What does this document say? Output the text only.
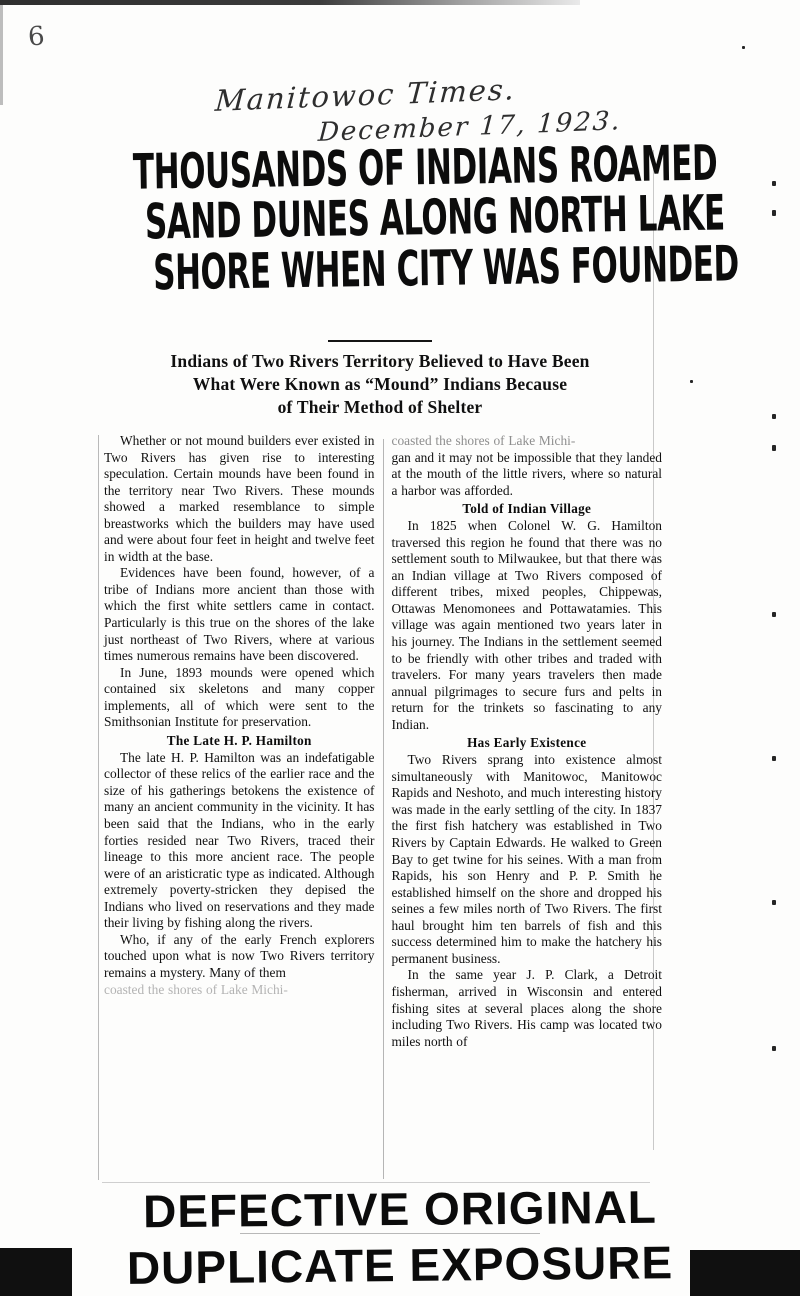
6
Manitowoc Times.
December 17, 1923.
THOUSANDS OF INDIANS ROAMED
SAND DUNES ALONG NORTH LAKE
SHORE WHEN CITY WAS FOUNDED
Indians of Two Rivers Territory Believed to Have Been
What Were Known as “Mound” Indians Because
of Their Method of Shelter

Whether or not mound builders ever existed in Two Rivers has given rise to interesting speculation. Certain mounds have been found in the territory near Two Rivers. These mounds showed a marked resemblance to simple breastworks which the builders may have used and were about four feet in height and twelve feet in width at the base.

Evidences have been found, however, of a tribe of Indians more ancient than those with which the first white settlers came in contact. Particularly is this true on the shores of the lake just northeast of Two Rivers, where at various times numerous remains have been discovered.

In June, 1893 mounds were opened which contained six skeletons and many copper implements, all of which were sent to the Smithsonian Institute for preservation.

The Late H. P. Hamilton

The late H. P. Hamilton was an indefatigable collector of these relics of the earlier race and the size of his gatherings betokens the existence of many an ancient community in the vicinity. It has been said that the Indians, who in the early forties resided near Two Rivers, traced their lineage to this more ancient race. The people were of an aristicratic type as indicated. Although extremely poverty-stricken they depised the Indians who lived on reservations and they made their living by fishing along the rivers.

Who, if any of the early French explorers touched upon what is now Two Rivers territory remains a mystery. Many of them

coasted the shores of Lake Michi-

coasted the shores of Lake Michi-

gan and it may not be impossible that they landed at the mouth of the little rivers, where so natural a harbor was afforded.

Told of Indian Village

In 1825 when Colonel W. G. Hamilton traversed this region he found that there was no settlement south to Milwaukee, but that there was an Indian village at Two Rivers composed of different tribes, mixed peoples, Chippewas, Ottawas Menomonees and Pottawatamies. This village was again mentioned two years later in his journey. The Indians in the settlement seemed to be friendly with other tribes and traded with travelers. For many years travelers then made annual pilgrimages to secure furs and pelts in return for the trinkets so fascinating to any Indian.

Has Early Existence

Two Rivers sprang into existence almost simultaneously with Manitowoc, Manitowoc Rapids and Neshoto, and much interesting history was made in the early settling of the city. In 1837 the first fish hatchery was established in Two Rivers by Captain Edwards. He walked to Green Bay to get twine for his seines. With a man from Rapids, his son Henry and P. P. Smith he established himself on the shore and dropped his seines a few miles north of Two Rivers. The first haul brought him ten barrels of fish and this success determined him to make the hatchery his permanent business.

In the same year J. P. Clark, a Detroit fisherman, arrived in Wisconsin and entered fishing sites at several places along the shore including Two Rivers. His camp was located two miles north of

DEFECTIVE ORIGINAL
DUPLICATE EXPOSURE
